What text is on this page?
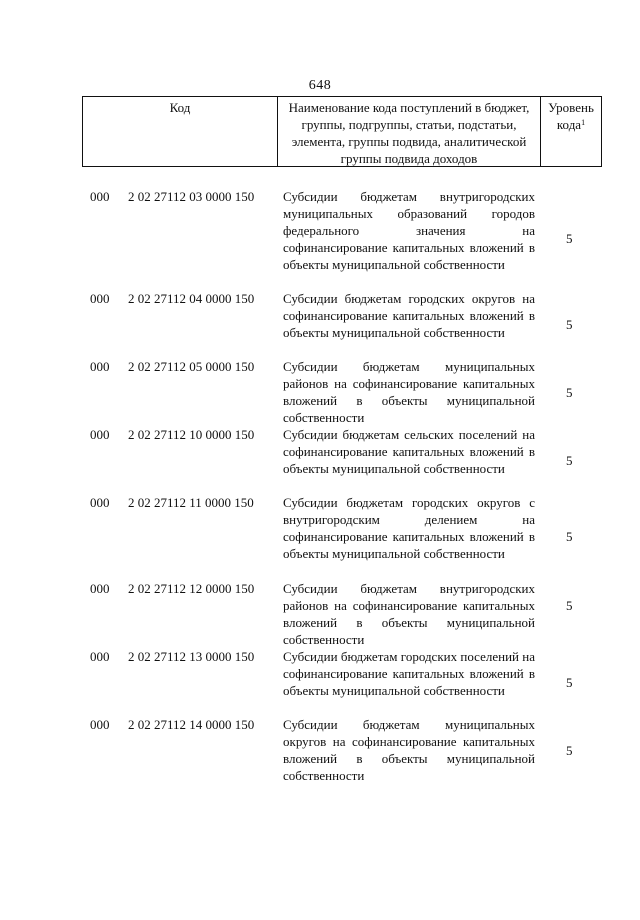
648
Код	Наименование кода поступлений в бюджет, группы, подгруппы, статьи, подстатьи, элемента, группы подвида, аналитической группы подвида доходов
Уровень кода$^1$
000 2 02 27112 03 0000 150 Субсидии бюджетам внутригородских муниципальных образований городов федерального значения на софинансирование капитальных вложений в объекты муниципальной собственности
5
000 2 02 27112 04 0000 150 Субсидии бюджетам городских округов на софинансирование капитальных вложений в объекты муниципальной собственности
5
000 2 02 27112 05 0000 150 Субсидии бюджетам муниципальных районов на софинансирование капитальных вложений в объекты муниципальной собственности
5
000 2 02 27112 10 0000 150 Субсидии бюджетам сельских поселений на софинансирование капитальных вложений в объекты муниципальной собственности
5
000 2 02 27112 11 0000 150 Субсидии бюджетам городских округов с внутригородским делением на софинансирование капитальных вложений в объекты муниципальной собственности
5
000 2 02 27112 12 0000 150 Субсидии бюджетам внутригородских районов на софинансирование капитальных вложений в объекты муниципальной собственности
5
000 2 02 27112 13 0000 150 Субсидии бюджетам городских поселений на софинансирование капитальных вложений в объекты муниципальной собственности
5
000 2 02 27112 14 0000 150 Субсидии бюджетам муниципальных округов на софинансирование капитальных вложений в объекты муниципальной собственности
5
